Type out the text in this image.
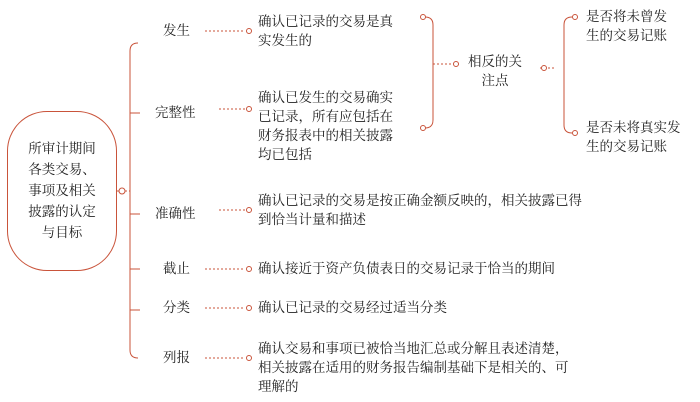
所审计期间各类交易、事项及相关披露的认定与目标
发生
完整性
准确性
截止
分类
列报
确认已记录的交易是真
实发生的
确认已发生的交易确实
已记录，所有应包括在
财务报表中的相关披露
均已包括
确认已记录的交易是按正确金额反映的，相关披露已得
到恰当计量和描述
确认接近于资产负债表日的交易记录于恰当的期间
确认已记录的交易经过适当分类
确认交易和事项已被恰当地汇总或分解且表述清楚，
相关披露在适用的财务报告编制基础下是相关的、可
理解的
相反的关
注点
是否将未曾发
生的交易记账
是否未将真实发
生的交易记账
